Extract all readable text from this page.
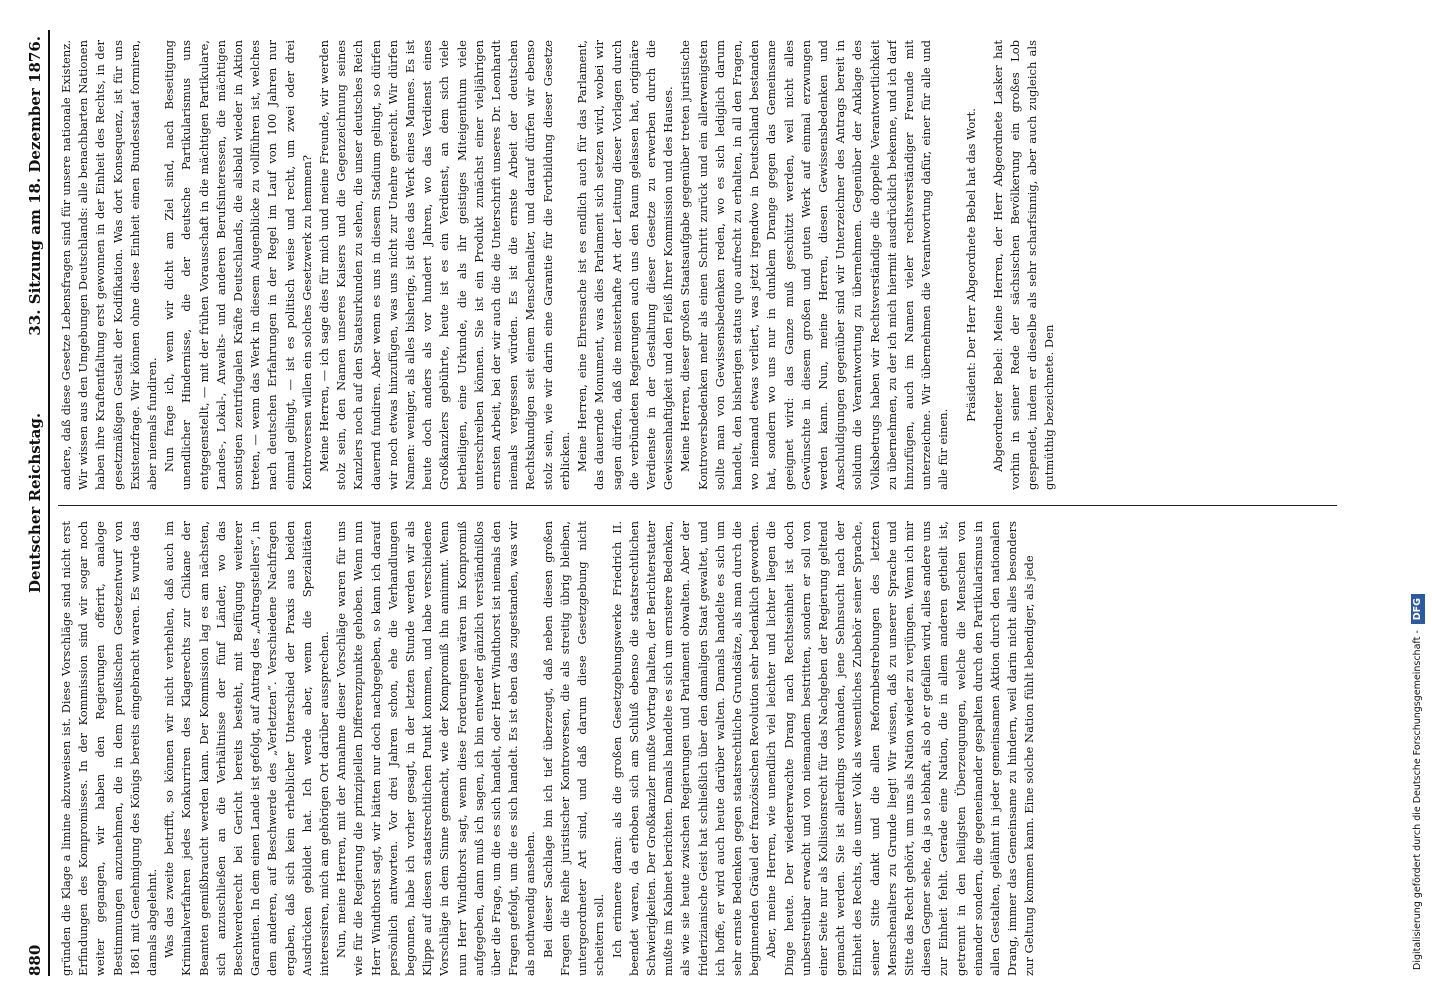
880
Deutscher Reichstag.
33. Sitzung am 18. Dezember 1876.

gründen die Klage a limine abzuweisen ist. Diese Vorschläge sind nicht erst Erfindungen des Kompromisses. In der Kommission sind wir sogar noch weiter gegangen, wir haben den Regierungen offerirt, analoge Bestimmungen anzunehmen, die in dem preußischen Gesetzentwurf von 1861 mit Genehmigung des Königs bereits eingebracht waren. Es wurde das damals abgelehnt. Was das zweite betrifft, so können wir nicht verhehlen, daß auch im Kriminalverfahren jedes Konkurriren des Klagerechts zur Chikane der Beamten gemißbraucht werden kann. Der Kommission lag es am nächsten, sich anzuschließen an die Verhältnisse der fünf Länder, wo das Beschwerderecht bei Gericht bereits besteht, mit Beifügung weiterer Garantien. In dem einen Lande ist gefolgt, auf Antrag des „Antragstellers“, in dem anderen, auf Beschwerde des „Verletzten“. Verschiedene Nachfragen ergaben, daß sich kein erheblicher Unterschied der Praxis aus beiden Ausdrücken gebildet hat. Ich werde aber, wenn die Spezialitäten interessiren, mich am gehörigen Ort darüber aussprechen. Nun, meine Herren, mit der Annahme dieser Vorschläge waren für uns wie für die Regierung die prinzipiellen Differenzpunkte gehoben. Wenn nun Herr Windthorst sagt, wir hätten nur doch nachgegeben, so kann ich darauf persönlich antworten. Vor drei Jahren schon, ehe die Verhandlungen begonnen, habe ich vorher gesagt, in der letzten Stunde werden wir als Klippe auf diesen staatsrechtlichen Punkt kommen, und habe verschiedene Vorschläge in dem Sinne gemacht, wie der Kompromiß ihn annimmt. Wenn nun Herr Windthorst sagt, wenn diese Forderungen wären im Kompromiß aufgegeben, dann muß ich sagen, ich bin entweder gänzlich verständnißlos über die Frage, um die es sich handelt, oder Herr Windthorst ist niemals den Fragen gefolgt, um die es sich handelt. Es ist eben das zugestanden, was wir als nothwendig ansehen. Bei dieser Sachlage bin ich tief überzeugt, daß neben diesen großen Fragen die Reihe juristischer Kontroversen, die als streitig übrig bleiben, untergeordneter Art sind, und daß darum diese Gesetzgebung nicht scheitern soll. Ich erinnere daran: als die großen Gesetzgebungswerke Friedrich II. beendet waren, da erhoben sich am Schluß ebenso die staatsrechtlichen Schwierigkeiten. Der Großkanzler mußte Vortrag halten, der Berichterstatter mußte im Kabinet berichten. Damals handelte es sich um ernstere Bedenken, als wie sie heute zwischen Regierungen und Parlament obwalten. Aber der friderizianische Geist hat schließlich über den damaligen Staat gewaltet, und ich hoffe, er wird auch heute darüber walten. Damals handelte es sich um sehr ernste Bedenken gegen staatsrechtliche Grundsätze, als man durch die beginnenden Gräuel der französischen Revolution sehr bedenklich geworden. Aber, meine Herren, wie unendlich viel leichter und lichter liegen die Dinge heute. Der wiedererwachte Drang nach Rechtseinheit ist doch unbestreitbar erwacht und von niemandem bestritten, sondern er soll von einer Seite nur als Kollisionsrecht für das Nachgeben der Regierung geltend gemacht werden. Sie ist allerdings vorhanden, jene Sehnsucht nach der Einheit des Rechts, die unser Volk als wesentliches Zubehör seiner Sprache, seiner Sitte dankt und die allen Reformbestrebungen des letzten Menschenalters zu Grunde liegt! Wir wissen, daß zu unserer Sprache und Sitte das Recht gehört, um uns als Nation wieder zu verjüngen. Wenn ich mir diesen Gegner sehe, da ja so lebhaft, als ob er gefallen wird, alles andere uns zur Einheit fehlt. Gerade eine Nation, die in allem anderen getheilt ist, getrennt in den heiligsten Überzeugungen, welche die Menschen von einander sondern, die gegeneinander gespalten durch den Partikularismus in allen Gestalten, gelähmt in jeder gemeinsamen Aktion durch den nationalen Drang, immer das Gemeinsame zu hindern, weil darin nicht alles besonders zur Geltung kommen kann. Eine solche Nation fühlt lebendiger, als jede

andere, daß diese Gesetze Lebensfragen sind für unsere nationale Existenz. Wir wissen aus den Umgebungen Deutschlands: alle benachbarten Nationen haben ihre Kraftentfaltung erst gewonnen in der Einheit des Rechts, in der gesetzmäßigen Gestalt der Kodifikation. Was dort Konsequenz, ist für uns Existenzfrage. Wir können ohne diese Einheit einen Bundesstaat formiren, aber niemals fundiren. Nun frage ich, wenn wir dicht am Ziel sind, nach Beseitigung unendlicher Hindernisse, die der deutsche Partikularismus uns entgegenstellt, — mit der frühen Vorausschaft in die mächtigen Partikulare, Landes-, Lokal-, Anwalts- und anderen Berufsinteressen, die mächtigen sonstigen zentrifugalen Kräfte Deutschlands, die alsbald wieder in Aktion treten, — wenn das Werk in diesem Augenblicke zu vollführen ist, welches nach deutschen Erfahrungen in der Regel im Lauf von 100 Jahren nur einmal gelingt, — ist es politisch weise und recht, um zwei oder drei Kontroversen willen ein solches Gesetzwerk zu hemmen? Meine Herren, — ich sage dies für mich und meine Freunde, wir werden stolz sein, den Namen unseres Kaisers und die Gegenzeichnung seines Kanzlers noch auf den Staatsurkunden zu sehen, die unser deutsches Reich dauernd fundiren. Aber wenn es uns in diesem Stadium gelingt, so dürfen wir noch etwas hinzufügen, was uns nicht zur Unehre gereicht. Wir dürfen Namen: weniger, als alles bisherige, ist dies das Werk eines Mannes. Es ist heute doch anders als vor hundert Jahren, wo das Verdienst eines Großkanzlers gebührte, heute ist es ein Verdienst, an dem sich viele betheiligen, eine Urkunde, die als ihr geistiges Miteigenthum viele unterschreiben können. Sie ist ein Produkt zunächst einer vieljährigen ernsten Arbeit, bei der wir auch die die Unterschrift unseres Dr. Leonhardt niemals vergessen würden. Es ist die ernste Arbeit der deutschen Rechtskundigen seit einem Menschenalter, und darauf dürfen wir ebenso stolz sein, wie wir darin eine Garantie für die Fortbildung dieser Gesetze erblicken. Meine Herren, eine Ehrensache ist es endlich auch für das Parlament, das dauernde Monument, was dies Parlament sich setzen wird, wobei wir sagen dürfen, daß die meisterhafte Art der Leitung dieser Vorlagen durch die verbündeten Regierungen auch uns den Raum gelassen hat, originäre Verdienste in der Gestaltung dieser Gesetze zu erwerben durch die Gewissenhaftigkeit und den Fleiß Ihrer Kommission und des Hauses. Meine Herren, dieser großen Staatsaufgabe gegenüber treten juristische Kontroversbedenken mehr als einen Schritt zurück und ein allerwenigsten sollte man von Gewissensbedenken reden, wo es sich lediglich darum handelt, den bisherigen status quo aufrecht zu erhalten, in all den Fragen, wo niemand etwas verliert, was jetzt irgendwo in Deutschland bestanden hat, sondern wo uns nur in dunklem Drange gegen das Gemeinsame geeignet wird: das Ganze muß geschützt werden, weil nicht alles Gewünschte in diesem großen und guten Werk auf einmal erzwungen werden kann. Nun, meine Herren, diesen Gewissensbedenken und Anschuldigungen gegenüber sind wir Unterzeichner des Antrags bereit in solidum die Verantwortung zu übernehmen. Gegenüber der Anklage des Volksbetrugs haben wir Rechtsverständige die doppelte Verantwortlichkeit zu übernehmen, zu der ich mich hiermit ausdrücklich bekenne, und ich darf hinzufügen, auch im Namen vieler rechtsverständiger Freunde mit unterzeichne. Wir übernehmen die Verantwortung dafür, einer für alle und alle für einen.

Präsident: Der Herr Abgeordnete Bebel hat das Wort. Abgeordneter Bebel: Meine Herren, der Herr Abgeordnete Lasker hat vorhin in seiner Rede der sächsischen Bevölkerung ein großes Lob gespendet, indem er dieselbe als sehr scharfsinnig, aber auch zugleich als gutmüthig bezeichnete. Den

Digitalisierung gefördert durch die Deutsche Forschungsgemeinschaft -DFG
